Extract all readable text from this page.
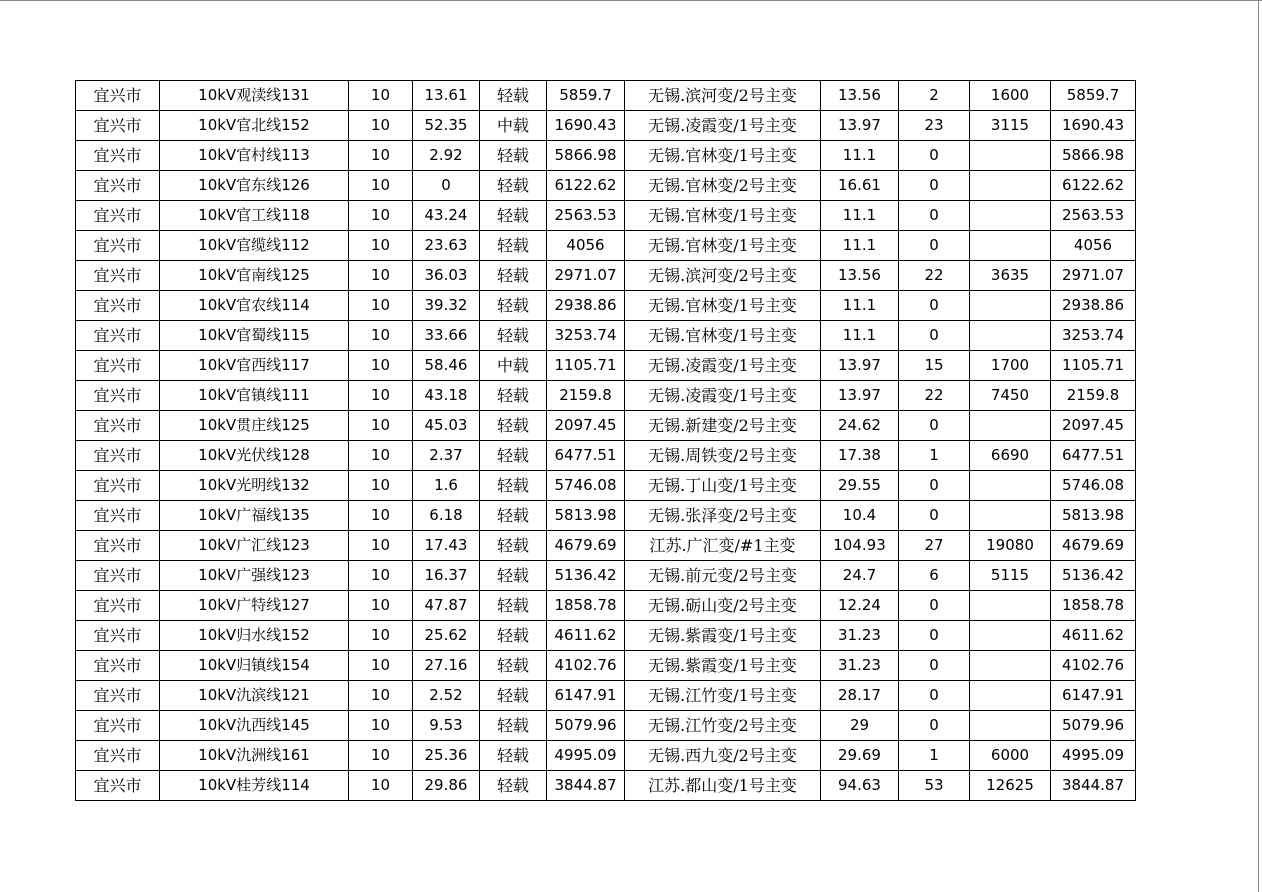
宜兴市	10kV观渎线131	10	13.61	轻载	5859.7	无锡.滨河变/2号主变	13.56	2	1600	5859.7
宜兴市	10kV官北线152	10	52.35	中载	1690.43	无锡.凌霞变/1号主变	13.97	23	3115	1690.43
宜兴市	10kV官村线113	10	2.92	轻载	5866.98	无锡.官林变/1号主变	11.1	0		5866.98
宜兴市	10kV官东线126	10	0	轻载	6122.62	无锡.官林变/2号主变	16.61	0		6122.62
宜兴市	10kV官工线118	10	43.24	轻载	2563.53	无锡.官林变/1号主变	11.1	0		2563.53
宜兴市	10kV官缆线112	10	23.63	轻载	4056	无锡.官林变/1号主变	11.1	0		4056
宜兴市	10kV官南线125	10	36.03	轻载	2971.07	无锡.滨河变/2号主变	13.56	22	3635	2971.07
宜兴市	10kV官农线114	10	39.32	轻载	2938.86	无锡.官林变/1号主变	11.1	0		2938.86
宜兴市	10kV官蜀线115	10	33.66	轻载	3253.74	无锡.官林变/1号主变	11.1	0		3253.74
宜兴市	10kV官西线117	10	58.46	中载	1105.71	无锡.凌霞变/1号主变	13.97	15	1700	1105.71
宜兴市	10kV官镇线111	10	43.18	轻载	2159.8	无锡.凌霞变/1号主变	13.97	22	7450	2159.8
宜兴市	10kV贯庄线125	10	45.03	轻载	2097.45	无锡.新建变/2号主变	24.62	0		2097.45
宜兴市	10kV光伏线128	10	2.37	轻载	6477.51	无锡.周铁变/2号主变	17.38	1	6690	6477.51
宜兴市	10kV光明线132	10	1.6	轻载	5746.08	无锡.丁山变/1号主变	29.55	0		5746.08
宜兴市	10kV广福线135	10	6.18	轻载	5813.98	无锡.张泽变/2号主变	10.4	0		5813.98
宜兴市	10kV广汇线123	10	17.43	轻载	4679.69	江苏.广汇变/#1主变	104.93	27	19080	4679.69
宜兴市	10kV广强线123	10	16.37	轻载	5136.42	无锡.前元变/2号主变	24.7	6	5115	5136.42
宜兴市	10kV广特线127	10	47.87	轻载	1858.78	无锡.砺山变/2号主变	12.24	0		1858.78
宜兴市	10kV归水线152	10	25.62	轻载	4611.62	无锡.紫霞变/1号主变	31.23	0		4611.62
宜兴市	10kV归镇线154	10	27.16	轻载	4102.76	无锡.紫霞变/1号主变	31.23	0		4102.76
宜兴市	10kV氿滨线121	10	2.52	轻载	6147.91	无锡.江竹变/1号主变	28.17	0		6147.91
宜兴市	10kV氿西线145	10	9.53	轻载	5079.96	无锡.江竹变/2号主变	29	0		5079.96
宜兴市	10kV氿洲线161	10	25.36	轻载	4995.09	无锡.西九变/2号主变	29.69	1	6000	4995.09
宜兴市	10kV桂芳线114	10	29.86	轻载	3844.87	江苏.都山变/1号主变	94.63	53	12625	3844.87
